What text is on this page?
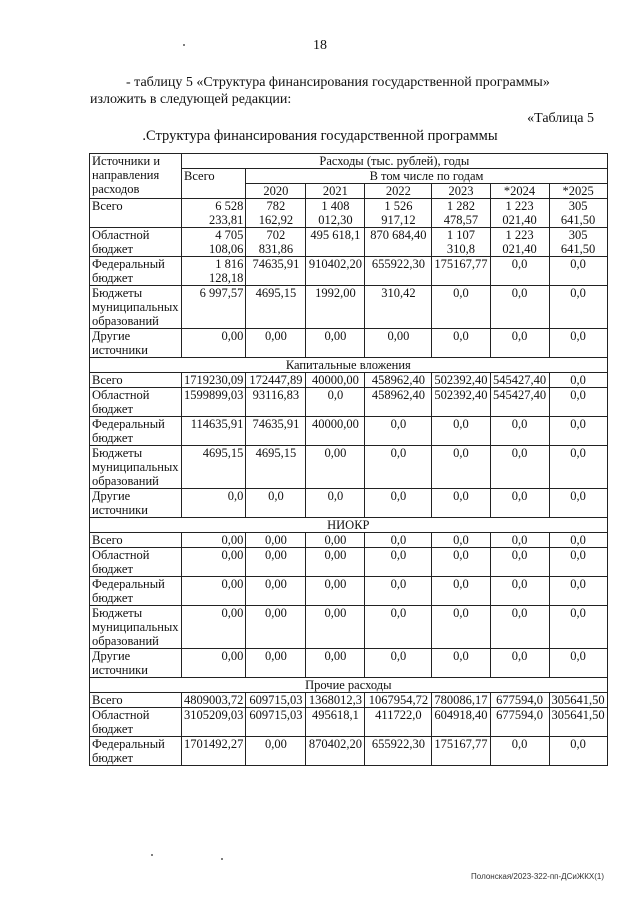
18
- таблицу 5 «Структура финансирования государственной программы»
изложить в следующей редакции:
«Таблица 5
.Структура финансирования государственной программы
Источники и направления расходов	Расходы (тыс. рублей), годы						
	Всего	В том числе по годам					
		2020	2021	2022	2023	*2024	*2025
Всего	6 528 233,81	782 162,92	1 408 012,30	1 526 917,12	1 282 478,57	1 223 021,40	305 641,50
Областной бюджет	4 705 108,06	702 831,86	495 618,1	870 684,40	1 107 310,8	1 223 021,40	305 641,50
Федеральный бюджет	1 816 128,18	74635,91	910402,20	655922,30	175167,77	0,0	0,0
Бюджеты муниципальных образований	6 997,57	4695,15	1992,00	310,42	0,0	0,0	0,0
Другие источники	0,00	0,00	0,00	0,00	0,0	0,0	0,0
Капитальные вложения							
Всего	1719230,09	172447,89	40000,00	458962,40	502392,40	545427,40	0,0
Областной бюджет	1599899,03	93116,83	0,0	458962,40	502392,40	545427,40	0,0
Федеральный бюджет	114635,91	74635,91	40000,00	0,0	0,0	0,0	0,0
Бюджеты муниципальных образований	4695,15	4695,15	0,00	0,0	0,0	0,0	0,0
Другие источники	0,0	0,0	0,0	0,0	0,0	0,0	0,0
НИОКР							
Всего	0,00	0,00	0,00	0,0	0,0	0,0	0,0
Областной бюджет	0,00	0,00	0,00	0,0	0,0	0,0	0,0
Федеральный бюджет	0,00	0,00	0,00	0,0	0,0	0,0	0,0
Бюджеты муниципальных образований	0,00	0,00	0,00	0,0	0,0	0,0	0,0
Другие источники	0,00	0,00	0,00	0,0	0,0	0,0	0,0
Прочие расходы							
Всего	4809003,72	609715,03	1368012,3	1067954,72	780086,17	677594,0	305641,50
Областной бюджет	3105209,03	609715,03	495618,1	411722,0	604918,40	677594,0	305641,50
Федеральный бюджет	1701492,27	0,00	870402,20	655922,30	175167,77	0,0	0,0
Полонская/2023-322-пп-ДСиЖКХ(1)
